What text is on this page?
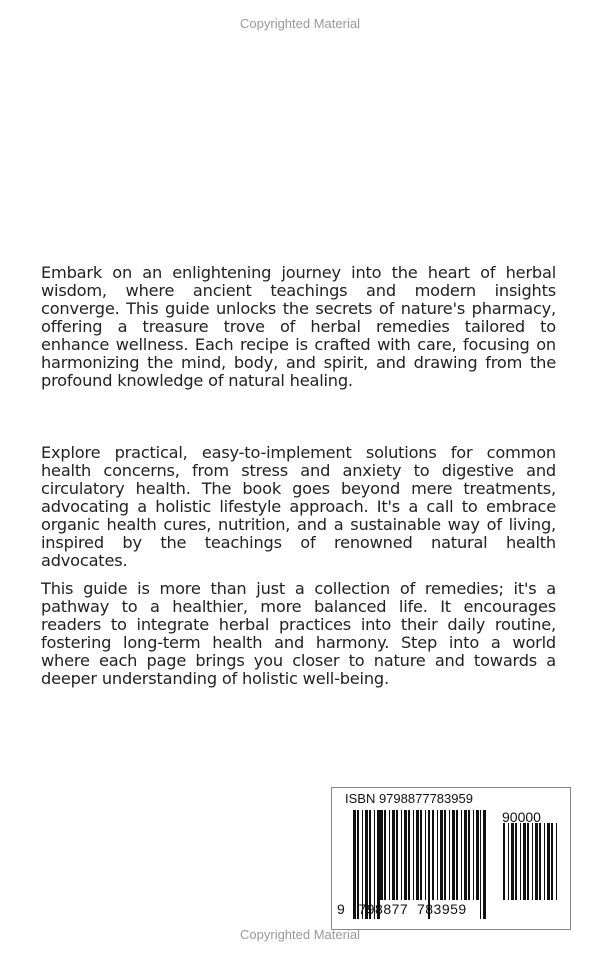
Copyrighted Material
Embark on an enlightening journey into the heart of herbal
wisdom, where ancient teachings and modern insights
converge. This guide unlocks the secrets of nature's pharmacy,
offering a treasure trove of herbal remedies tailored to
enhance wellness. Each recipe is crafted with care, focusing on
harmonizing the mind, body, and spirit, and drawing from the
profound knowledge of natural healing.
Explore practical, easy-to-implement solutions for common
health concerns, from stress and anxiety to digestive and
circulatory health. The book goes beyond mere treatments,
advocating a holistic lifestyle approach. It's a call to embrace
organic health cures, nutrition, and a sustainable way of living,
inspired by the teachings of renowned natural health
advocates.
This guide is more than just a collection of remedies; it's a
pathway to a healthier, more balanced life. It encourages
readers to integrate herbal practices into their daily routine,
fostering long-term health and harmony. Step into a world
where each page brings you closer to nature and towards a
deeper understanding of holistic well-being.
ISBN 9798877783959
90000
9 798877 783959
Copyrighted Material
